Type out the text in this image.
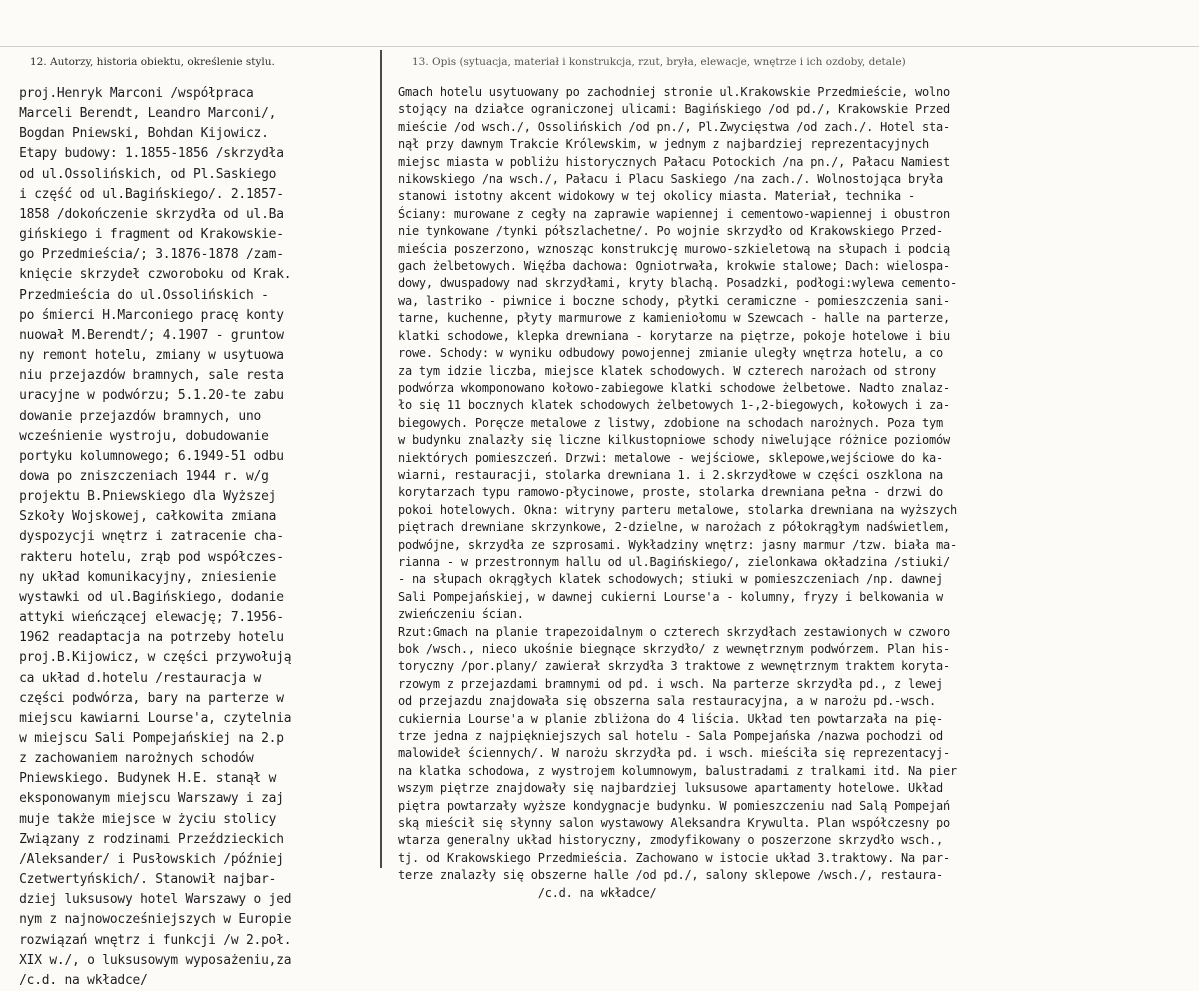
12. Autorzy, historia obiektu, określenie stylu.	13. Opis (sytuacja, materiał i konstrukcja, rzut, bryła, elewacje, wnętrze i ich ozdoby, detale)
proj.Henryk Marconi /współpraca
Marceli Berendt, Leandro Marconi/,
Bogdan Pniewski, Bohdan Kijowicz.
Etapy budowy: 1.1855-1856 /skrzydła
od ul.Ossolińskich, od Pl.Saskiego
i część od ul.Bagińskiego/. 2.1857-
1858 /dokończenie skrzydła od ul.Ba
gińskiego i fragment od Krakowskie-
go Przedmieścia/; 3.1876-1878 /zam-
knięcie skrzydeł czworoboku od Krak.
Przedmieścia do ul.Ossolińskich -
po śmierci H.Marconiego pracę konty
nuował M.Berendt/; 4.1907 - gruntow
ny remont hotelu, zmiany w usytuowa
niu przejazdów bramnych, sale resta
uracyjne w podwórzu; 5.1.20-te zabu
dowanie przejazdów bramnych, uno
wcześnienie wystroju, dobudowanie
portyku kolumnowego; 6.1949-51 odbu
dowa po zniszczeniach 1944 r. w/g
projektu B.Pniewskiego dla Wyższej
Szkoły Wojskowej, całkowita zmiana
dyspozycji wnętrz i zatracenie cha-
rakteru hotelu, zrąb pod współczes-
ny układ komunikacyjny, zniesienie
wystawki od ul.Bagińskiego, dodanie
attyki wieńczącej elewację; 7.1956-
1962 readaptacja na potrzeby hotelu
proj.B.Kijowicz, w części przywołują
ca układ d.hotelu /restauracja w
części podwórza, bary na parterze w
miejscu kawiarni Lourse'a, czytelnia
w miejscu Sali Pompejańskiej na 2.p
z zachowaniem narożnych schodów
Pniewskiego. Budynek H.E. stanął w
eksponowanym miejscu Warszawy i zaj
muje także miejsce w życiu stolicy
Związany z rodzinami Przeździeckich
/Aleksander/ i Pusłowskich /później
Czetwertyńskich/. Stanowił najbar-
dziej luksusowy hotel Warszawy o jed
nym z najnowocześniejszych w Europie
rozwiązań wnętrz i funkcji /w 2.poł.
XIX w./, o luksusowym wyposażeniu,za
/c.d. na wkładce/
Gmach hotelu usytuowany po zachodniej stronie ul.Krakowskie Przedmieście, wolno
stojący na działce ograniczonej ulicami: Bagińskiego /od pd./, Krakowskie Przed
mieście /od wsch./, Ossolińskich /od pn./, Pl.Zwycięstwa /od zach./. Hotel sta-
nął przy dawnym Trakcie Królewskim, w jednym z najbardziej reprezentacyjnych
miejsc miasta w pobliżu historycznych Pałacu Potockich /na pn./, Pałacu Namiest
nikowskiego /na wsch./, Pałacu i Placu Saskiego /na zach./. Wolnostojąca bryła
stanowi istotny akcent widokowy w tej okolicy miasta. Materiał, technika -
Ściany: murowane z cegły na zaprawie wapiennej i cementowo-wapiennej i obustron
nie tynkowane /tynki półszlachetne/. Po wojnie skrzydło od Krakowskiego Przed-
mieścia poszerzono, wznosząc konstrukcję murowo-szkieletową na słupach i podcią
gach żelbetowych. Więźba dachowa: Ogniotrwała, krokwie stalowe; Dach: wielospa-
dowy, dwuspadowy nad skrzydłami, kryty blachą. Posadzki, podłogi:wylewa cemento-
wa, lastriko - piwnice i boczne schody, płytki ceramiczne - pomieszczenia sani-
tarne, kuchenne, płyty marmurowe z kamieniołomu w Szewcach - halle na parterze,
klatki schodowe, klepka drewniana - korytarze na piętrze, pokoje hotelowe i biu
rowe. Schody: w wyniku odbudowy powojennej zmianie uległy wnętrza hotelu, a co
za tym idzie liczba, miejsce klatek schodowych. W czterech narożach od strony
podwórza wkomponowano kołowo-zabiegowe klatki schodowe żelbetowe. Nadto znalaz-
ło się 11 bocznych klatek schodowych żelbetowych 1-,2-biegowych, kołowych i za-
biegowych. Poręcze metalowe z listwy, zdobione na schodach narożnych. Poza tym
w budynku znalazły się liczne kilkustopniowe schody niwelujące różnice poziomów
niektórych pomieszczeń. Drzwi: metalowe - wejściowe, sklepowe,wejściowe do ka-
wiarni, restauracji, stolarka drewniana 1. i 2.skrzydłowe w części oszklona na
korytarzach typu ramowo-płycinowe, proste, stolarka drewniana pełna - drzwi do
pokoi hotelowych. Okna: witryny parteru metalowe, stolarka drewniana na wyższych
piętrach drewniane skrzynkowe, 2-dzielne, w narożach z półokrągłym nadświetlem,
podwójne, skrzydła ze szprosami. Wykładziny wnętrz: jasny marmur /tzw. biała ma-
rianna - w przestronnym hallu od ul.Bagińskiego/, zielonkawa okładzina /stiuki/
- na słupach okrągłych klatek schodowych; stiuki w pomieszczeniach /np. dawnej
Sali Pompejańskiej, w dawnej cukierni Lourse'a - kolumny, fryzy i belkowania w
zwieńczeniu ścian.
Rzut:Gmach na planie trapezoidalnym o czterech skrzydłach zestawionych w czworo
bok /wsch., nieco ukośnie biegnące skrzydło/ z wewnętrznym podwórzem. Plan his-
toryczny /por.plany/ zawierał skrzydła 3 traktowe z wewnętrznym traktem koryta-
rzowym z przejazdami bramnymi od pd. i wsch. Na parterze skrzydła pd., z lewej
od przejazdu znajdowała się obszerna sala restauracyjna, a w narożu pd.-wsch.
cukiernia Lourse'a w planie zbliżona do 4 liścia. Układ ten powtarzała na pię-
trze jedna z najpiękniejszych sal hotelu - Sala Pompejańska /nazwa pochodzi od
malowideł ściennych/. W narożu skrzydła pd. i wsch. mieściła się reprezentacyj-
na klatka schodowa, z wystrojem kolumnowym, balustradami z tralkami itd. Na pier
wszym piętrze znajdowały się najbardziej luksusowe apartamenty hotelowe. Układ
piętra powtarzały wyższe kondygnacje budynku. W pomieszczeniu nad Salą Pompejań
ską mieścił się słynny salon wystawowy Aleksandra Krywulta. Plan współczesny po
wtarza generalny układ historyczny, zmodyfikowany o poszerzone skrzydło wsch.,
tj. od Krakowskiego Przedmieścia. Zachowano w istocie układ 3.traktowy. Na par-
terze znalazły się obszerne halle /od pd./, salony sklepowe /wsch./, restaura-
/c.d. na wkładce/
